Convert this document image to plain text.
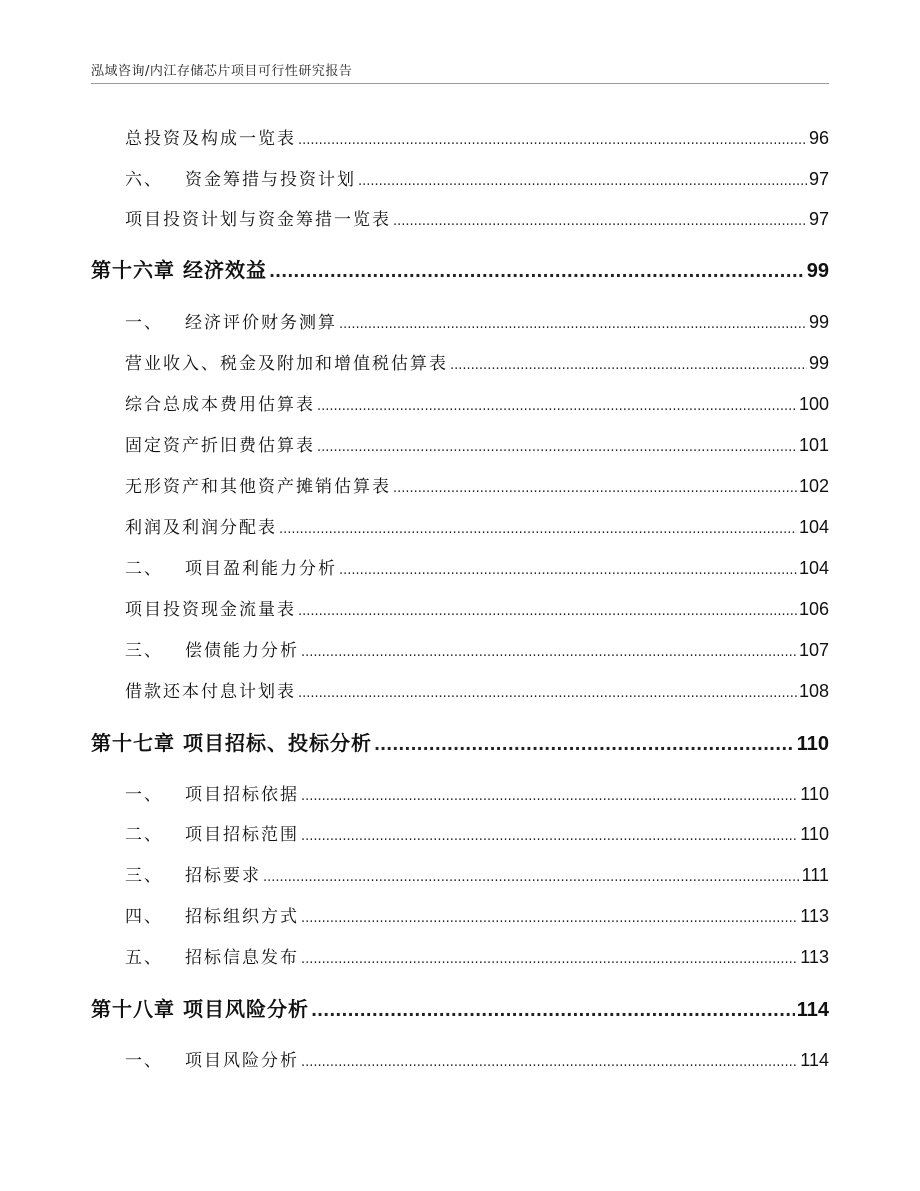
泓域咨询/内江存储芯片项目可行性研究报告
总投资及构成一览表 .....	96
六、 资金筹措与投资计划 .....	97
项目投资计划与资金筹措一览表 .....	97
第十六章 经济效益 .....	99
一、 经济评价财务测算 .....	99
营业收入、税金及附加和增值税估算表 .....	99
综合总成本费用估算表 .....	100
固定资产折旧费估算表 .....	101
无形资产和其他资产摊销估算表 .....	102
利润及利润分配表 .....	104
二、 项目盈利能力分析 .....	104
项目投资现金流量表 .....	106
三、 偿债能力分析 .....	107
借款还本付息计划表 .....	108
第十七章 项目招标、投标分析 .....	110
一、 项目招标依据 .....	110
二、 项目招标范围 .....	110
三、 招标要求 .....	111
四、 招标组织方式 .....	113
五、 招标信息发布 .....	113
第十八章 项目风险分析 .....	114
一、 项目风险分析 .....	114
